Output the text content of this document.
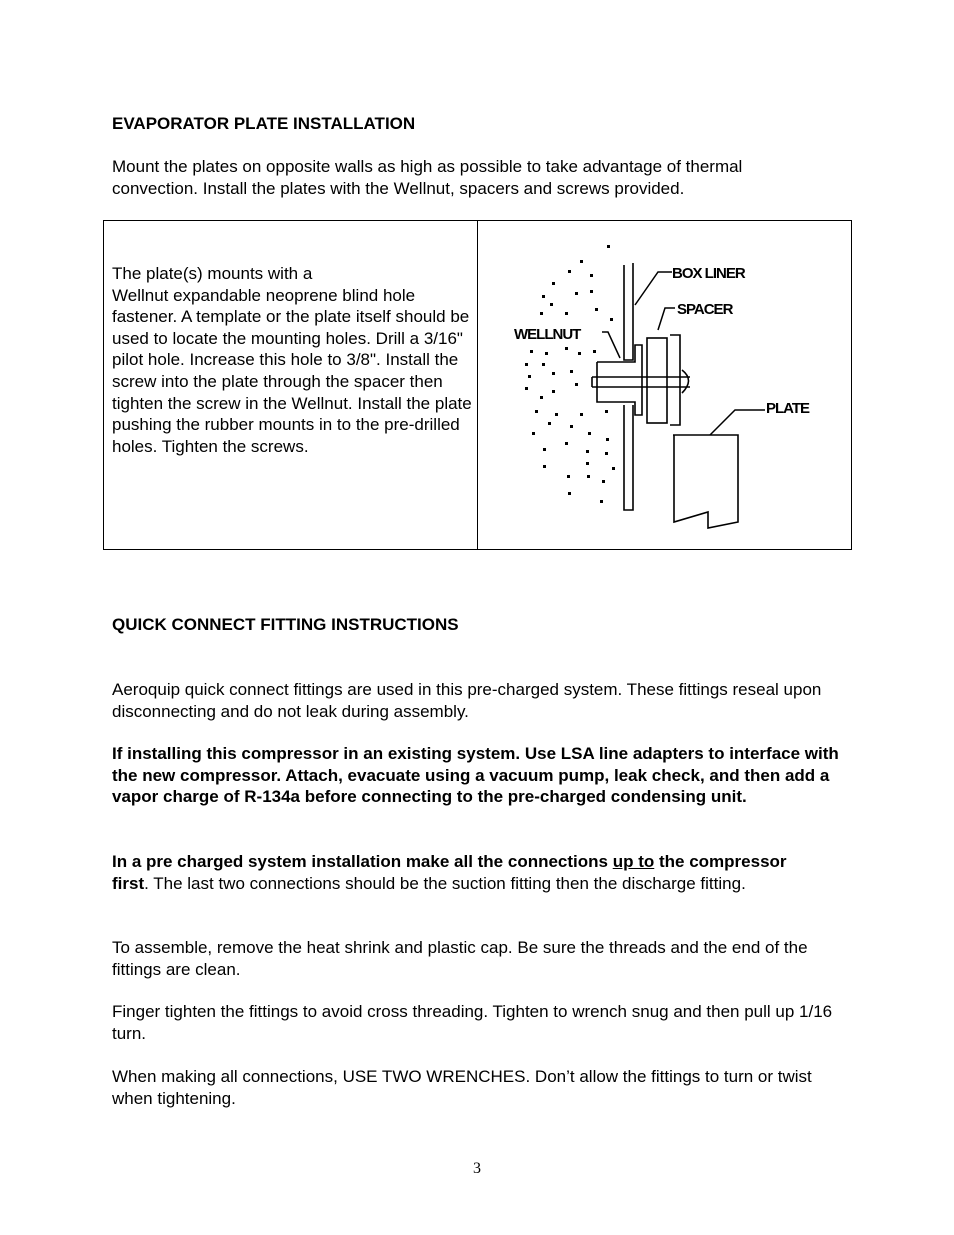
EVAPORATOR PLATE INSTALLATION

Mount the plates on opposite walls as high as possible to take advantage of thermal convection. Install the plates with the Wellnut, spacers and screws provided.

The plate(s) mounts with a
Wellnut expandable neoprene blind hole fastener. A template or the plate itself should be used to locate the mounting holes. Drill a 3/16" pilot hole. Increase this hole to 3/8". Install the screw into the plate through the spacer then tighten the screw in the Wellnut. Install the plate pushing the rubber mounts in to the pre-drilled holes. Tighten the screws.

BOX LINER
SPACER
WELLNUT
PLATE
QUICK CONNECT FITTING INSTRUCTIONS

Aeroquip quick connect fittings are used in this pre-charged system. These fittings reseal upon disconnecting and do not leak during assembly.

If installing this compressor in an existing system. Use LSA line adapters to interface with the new compressor. Attach, evacuate using a vacuum pump, leak check, and then add a vapor charge of R-134a before connecting to the pre-charged condensing unit.

In a pre charged system installation make all the connections up to the compressor first. The last two connections should be the suction fitting then the discharge fitting.

To assemble, remove the heat shrink and plastic cap. Be sure the threads and the end of the fittings are clean.

Finger tighten the fittings to avoid cross threading. Tighten to wrench snug and then pull up 1/16 turn.

When making all connections, USE TWO WRENCHES. Don’t allow the fittings to turn or twist when tightening.

3
